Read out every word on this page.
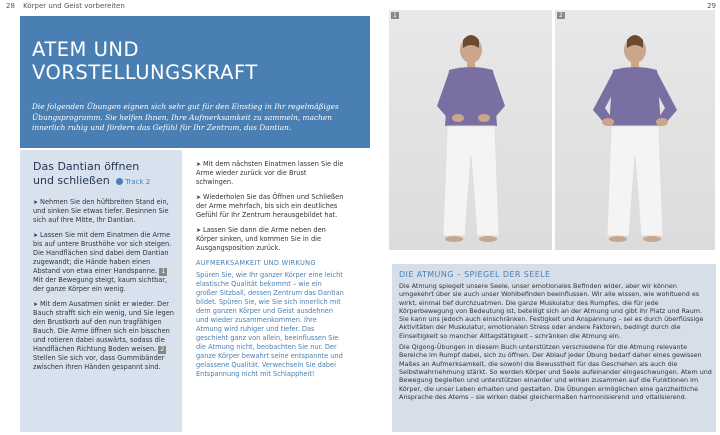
28 Körper und Geist vorbereiten
ATEM UND
VORSTELLUNGSKRAFT

Die folgenden Übungen eignen sich sehr gut für den Einstieg in Ihr regelmäßiges Übungsprogramm. Sie helfen Ihnen, Ihre Aufmerksamkeit zu sammeln, machen innerlich ruhig und fördern das Gefühl für Ihr Zentrum, das Dantian.

Das Dantian öffnen
und schließen Track 2

➤ Nehmen Sie den hüftbreiten Stand ein, und sinken Sie etwas tiefer. Besinnen Sie sich auf Ihre Mitte, Ihr Dantian.

➤ Lassen Sie mit dem Einatmen die Arme bis auf untere Brusthöhe vor sich steigen. Die Handflächen sind dabei dem Dantian zugewandt; die Hände haben einen Abstand von etwa einer Handspanne. 1 Mit der Bewegung steigt, kaum sichtbar, der ganze Körper ein wenig.

➤ Mit dem Ausatmen sinkt er wieder. Der Bauch strafft sich ein wenig, und Sie legen den Brustkorb auf den nun tragfähigen Bauch. Die Arme öffnen sich ein bisschen und rotieren dabei auswärts, sodass die Handflächen Richtung Boden weisen. 2 Stellen Sie sich vor, dass Gummibänder zwischen Ihren Händen gespannt sind.

➤ Mit dem nächsten Einatmen lassen Sie die Arme wieder zurück vor die Brust schwingen.

➤ Wiederholen Sie das Öffnen und Schließen der Arme mehrfach, bis sich ein deutliches Gefühl für Ihr Zentrum herausgebildet hat.

➤ Lassen Sie dann die Arme neben den Körper sinken, und kommen Sie in die Ausgangsposition zurück.

AUFMERKSAMKEIT UND WIRKUNG

Spüren Sie, wie Ihr ganzer Körper eine leicht elastische Qualität bekommt – wie ein großer Sitzball, dessen Zentrum das Dantian bildet. Spüren Sie, wie Sie sich innerlich mit dem ganzen Körper und Geist ausdehnen und wieder zusammenkommen. Ihre Atmung wird ruhiger und tiefer. Das geschieht ganz von allein, beeinflussen Sie die Atmung nicht, beobachten Sie nur. Der ganze Körper bewahrt seine entspannte und gelassene Qualität. Verwechseln Sie dabei Entspannung nicht mit Schlappheit!

29
1	2
DIE ATMUNG – SPIEGEL DER SEELE

Die Atmung spiegelt unsere Seele, unser emotionales Befinden wider, aber wir können umgekehrt über sie auch unser Wohlbefinden beeinflussen. Wir alle wissen, wie wohltuend es wirkt, einmal tief durchzuatmen. Die ganze Muskulatur des Rumpfes, die für jede Körperbewegung von Bedeutung ist, beteiligt sich an der Atmung und gibt ihr Platz und Raum. Sie kann uns jedoch auch einschränken. Festigkeit und Anspannung – sei es durch überflüssige Aktivitäten der Muskulatur, emotionalen Stress oder andere Faktoren, bedingt durch die Einseitigkeit so mancher Alltagstätigkeit – schränken die Atmung ein.

Die Qigong-Übungen in diesem Buch unterstützen verschiedene für die Atmung relevante Bereiche im Rumpf dabei, sich zu öffnen. Der Ablauf jeder Übung bedarf daher eines gewissen Maßes an Aufmerksamkeit, die sowohl die Bewusstheit für das Geschehen als auch die Selbstwahrnehmung stärkt. So werden Körper und Seele aufeinander eingeschwungen. Atem und Bewegung begleiten und unterstützen einander und wirken zusammen auf die Funktionen im Körper, die unser Leben erhalten und gestalten. Die Übungen ermöglichen eine ganzheitliche Ansprache des Atems – sie wirken dabei gleichermaßen harmonisierend und vitalisierend.
